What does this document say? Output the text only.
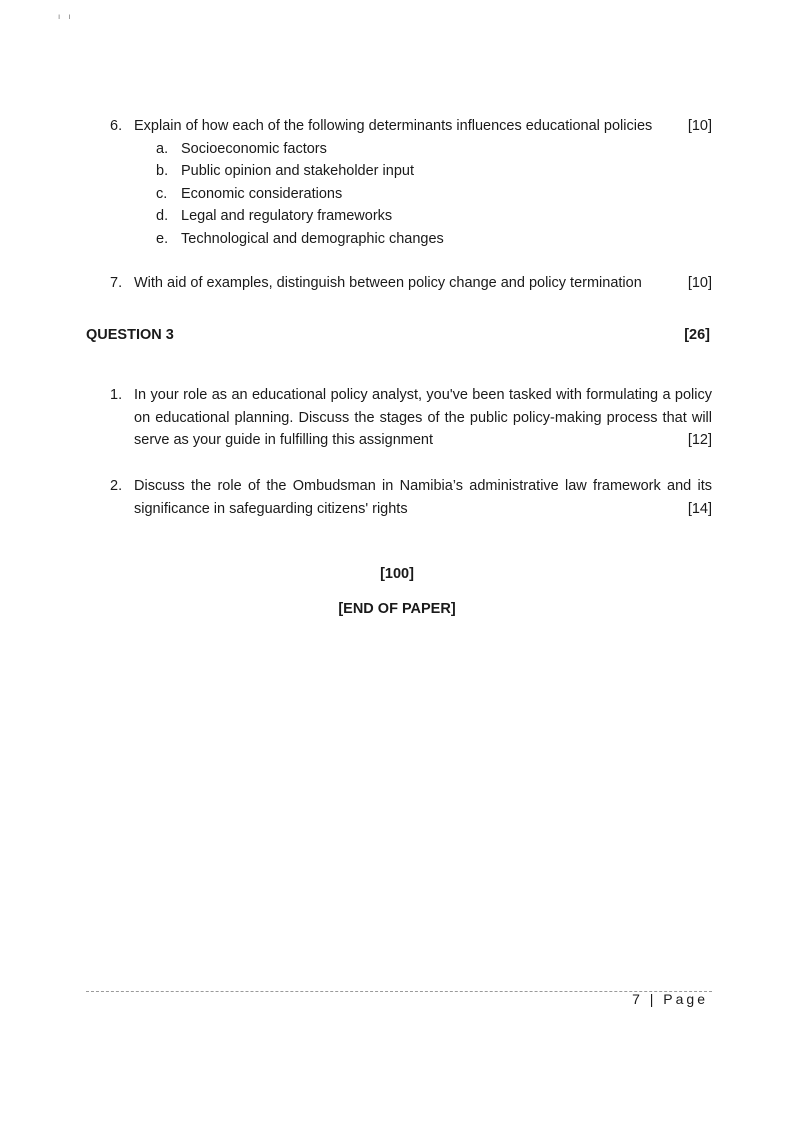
ı ı
6. Explain of how each of the following determinants influences educational policies	[10]
a. Socioeconomic factors
b. Public opinion and stakeholder input
c. Economic considerations
d. Legal and regulatory frameworks
e. Technological and demographic changes
7. With aid of examples, distinguish between policy change and policy termination	[10]
QUESTION 3	[26]
1. In your role as an educational policy analyst, you've been tasked with formulating a policy on educational planning. Discuss the stages of the public policy-making process that will serve as your guide in fulfilling this assignment	[12]
2. Discuss the role of the Ombudsman in Namibia’s administrative law framework and its significance in safeguarding citizens' rights	[14]
[100]
[END OF PAPER]
7 | Page
